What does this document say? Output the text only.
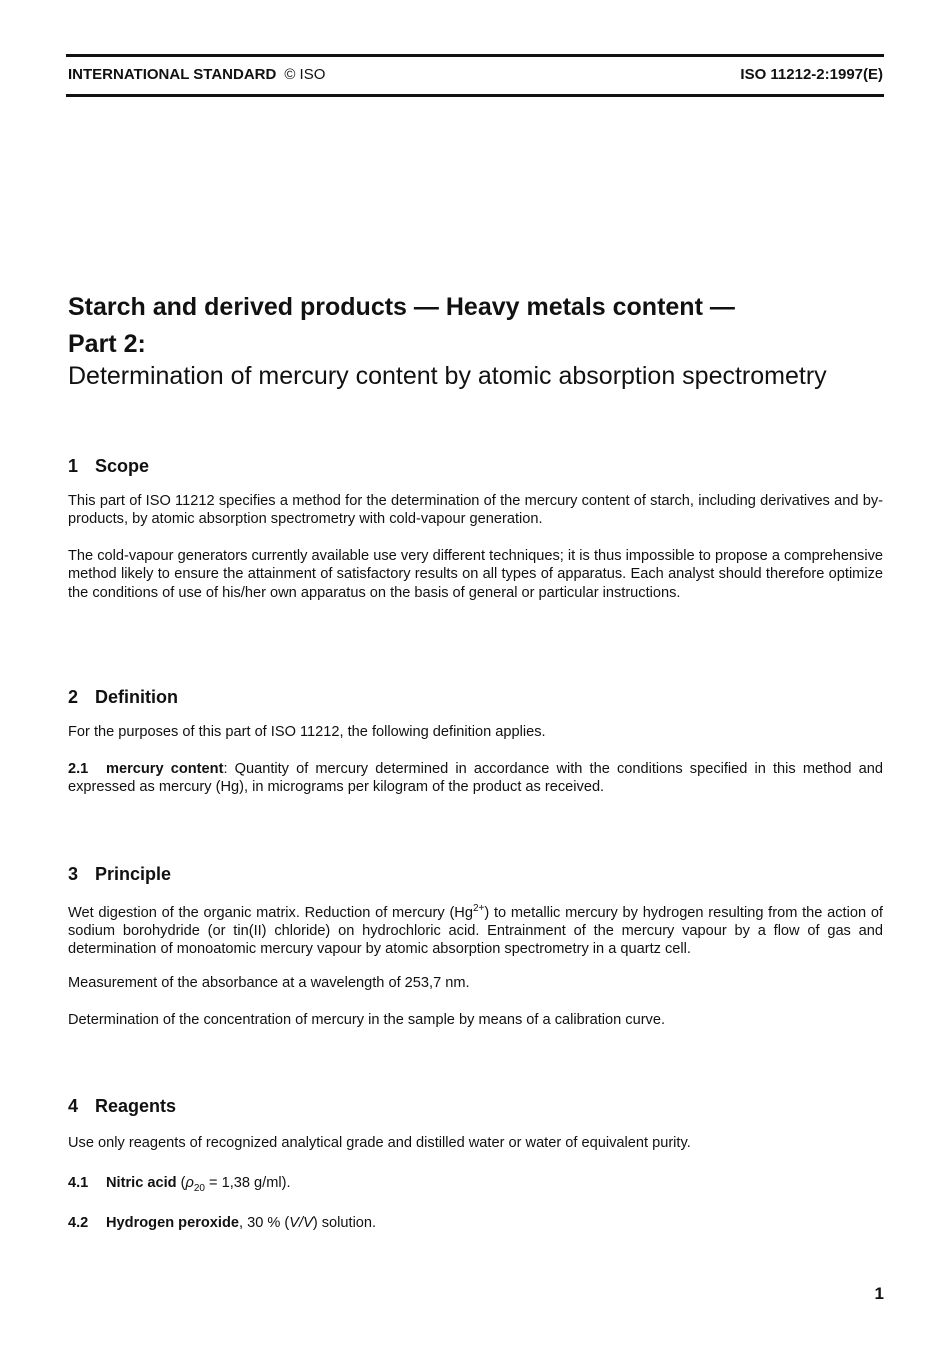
INTERNATIONAL STANDARD © ISO	ISO 11212-2:1997(E)
Starch and derived products — Heavy metals content —
Part 2:
Determination of mercury content by atomic absorption spectrometry
1 Scope

This part of ISO 11212 specifies a method for the determination of the mercury content of starch, including derivatives and by-products, by atomic absorption spectrometry with cold-vapour generation.

The cold-vapour generators currently available use very different techniques; it is thus impossible to propose a comprehensive method likely to ensure the attainment of satisfactory results on all types of apparatus. Each analyst should therefore optimize the conditions of use of his/her own apparatus on the basis of general or particular instructions.

2 Definition

For the purposes of this part of ISO 11212, the following definition applies.

2.1 mercury content: Quantity of mercury determined in accordance with the conditions specified in this method and expressed as mercury (Hg), in micrograms per kilogram of the product as received.

3 Principle

Wet digestion of the organic matrix. Reduction of mercury $(Hg^{2+})$ to metallic mercury by hydrogen resulting from the action of sodium borohydride (or tin(II) chloride) on hydrochloric acid. Entrainment of the mercury vapour by a flow of gas and determination of monoatomic mercury vapour by atomic absorption spectrometry in a quartz cell.

Measurement of the absorbance at a wavelength of 253,7 nm.

Determination of the concentration of mercury in the sample by means of a calibration curve.

4 Reagents

Use only reagents of recognized analytical grade and distilled water or water of equivalent purity.

4.1 Nitric acid ($\rho_{20} = 1,38$ g/ml).

4.2 Hydrogen peroxide, 30 % (V/V) solution.

1
